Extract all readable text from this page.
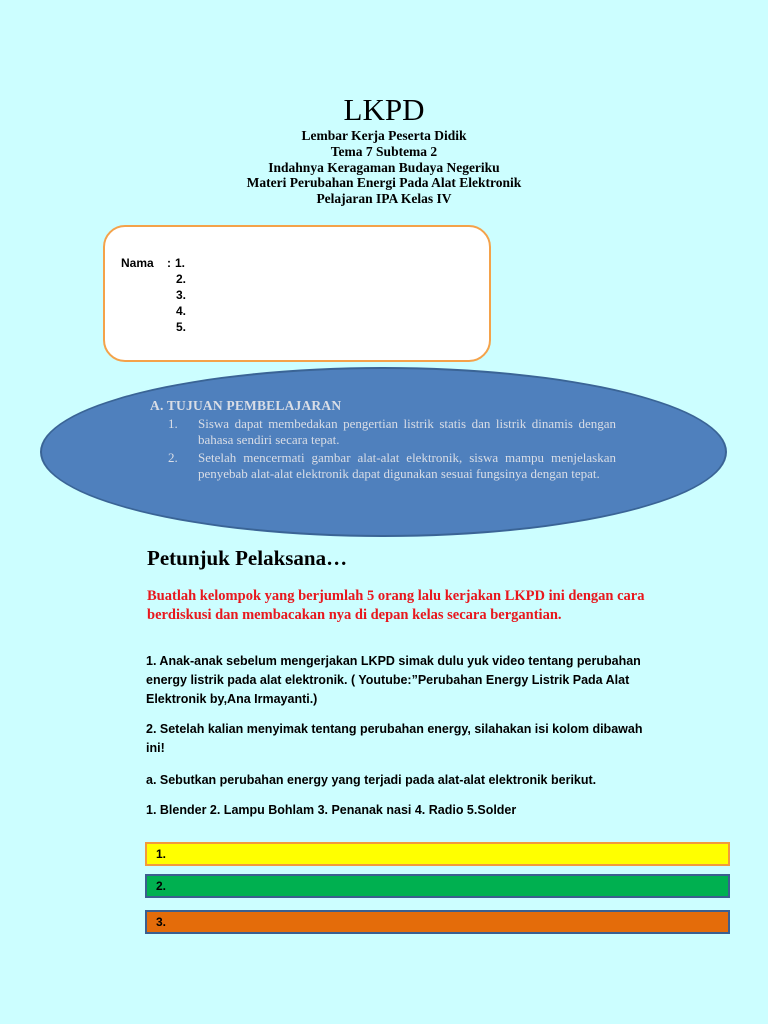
LKPD
Lembar Kerja Peserta Didik
Tema 7 Subtema 2
Indahnya Keragaman Budaya Negeriku
Materi Perubahan Energi Pada Alat Elektronik
Pelajaran IPA Kelas IV
Nama : 1.
2.
3.
4.
5.
A. TUJUAN PEMBELAJARAN
1. Siswa dapat membedakan pengertian listrik statis dan listrik dinamis dengan bahasa sendiri secara tepat.
2. Setelah mencermati gambar alat-alat elektronik, siswa mampu menjelaskan penyebab alat-alat elektronik dapat digunakan sesuai fungsinya dengan tepat.
Petunjuk Pelaksana…
Buatlah kelompok yang berjumlah 5 orang lalu kerjakan LKPD ini dengan cara berdiskusi dan membacakan nya di depan kelas secara bergantian.
1. Anak-anak sebelum mengerjakan LKPD simak dulu yuk video tentang perubahan energy listrik pada alat elektronik. ( Youtube:”Perubahan Energy Listrik Pada Alat Elektronik by,Ana Irmayanti.)
2. Setelah kalian menyimak tentang perubahan energy, silahakan isi kolom dibawah ini!
a. Sebutkan perubahan energy yang terjadi pada alat-alat elektronik berikut.
1. Blender 2. Lampu Bohlam 3. Penanak nasi 4. Radio 5.Solder
1.
2.
3.
